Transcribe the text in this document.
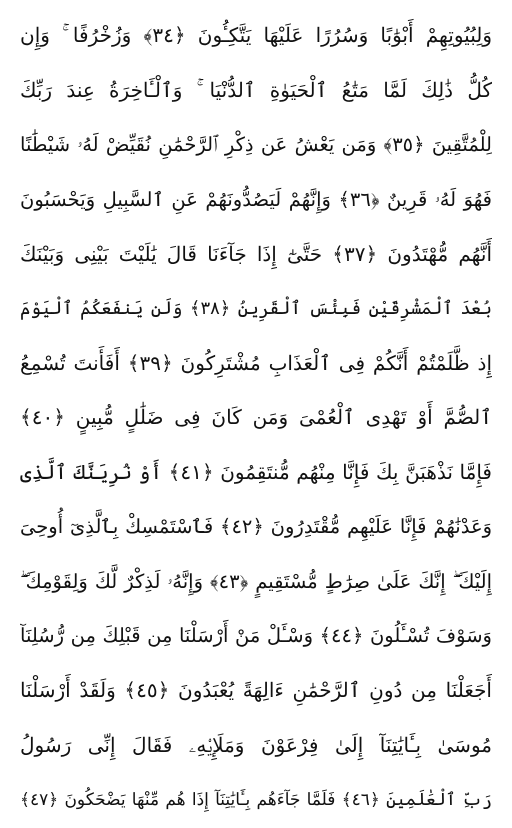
وَلِبُيُوتِهِمْ أَبْوَٰبًا وَسُرُرًا عَلَيْهَا يَتَّكِـُٔونَ ﴿٣٤﴾ وَزُخْرُفًا ۚ وَإِن
كُلُّ ذَٰلِكَ لَمَّا مَتَٰعُ ٱلْحَيَوٰةِ ٱلدُّنْيَا ۚ وَٱلْـَٔاخِرَةُ عِندَ رَبِّكَ
لِلْمُتَّقِينَ ﴿٣٥﴾ وَمَن يَعْشُ عَن ذِكْرِ ٱلرَّحْمَٰنِ نُقَيِّضْ لَهُۥ شَيْطَٰنًا
فَهُوَ لَهُۥ قَرِينٌ ﴿٣٦﴾ وَإِنَّهُمْ لَيَصُدُّونَهُمْ عَنِ ٱلسَّبِيلِ وَيَحْسَبُونَ
أَنَّهُم مُّهْتَدُونَ ﴿٣٧﴾ حَتَّىٰٓ إِذَا جَآءَنَا قَالَ يَٰلَيْتَ بَيْنِى وَبَيْنَكَ
بُعْدَ ٱلْمَشْرِقَيْنِ فَبِئْسَ ٱلْقَرِينُ ﴿٣٨﴾ وَلَن يَنفَعَكُمُ ٱلْيَوْمَ
إِذ ظَّلَمْتُمْ أَنَّكُمْ فِى ٱلْعَذَابِ مُشْتَرِكُونَ ﴿٣٩﴾ أَفَأَنتَ تُسْمِعُ
ٱلصُّمَّ أَوْ تَهْدِى ٱلْعُمْىَ وَمَن كَانَ فِى ضَلَٰلٍ مُّبِينٍ ﴿٤٠﴾
فَإِمَّا نَذْهَبَنَّ بِكَ فَإِنَّا مِنْهُم مُّنتَقِمُونَ ﴿٤١﴾ أَوْ نُرِيَنَّكَ ٱلَّذِى
وَعَدْنَٰهُمْ فَإِنَّا عَلَيْهِم مُّقْتَدِرُونَ ﴿٤٢﴾ فَٱسْتَمْسِكْ بِٱلَّذِىٓ أُوحِىَ
إِلَيْكَ ۖ إِنَّكَ عَلَىٰ صِرَٰطٍ مُّسْتَقِيمٍ ﴿٤٣﴾ وَإِنَّهُۥ لَذِكْرٌ لَّكَ وَلِقَوْمِكَ ۖ
وَسَوْفَ تُسْـَٔلُونَ ﴿٤٤﴾ وَسْـَٔلْ مَنْ أَرْسَلْنَا مِن قَبْلِكَ مِن رُّسُلِنَآ
أَجَعَلْنَا مِن دُونِ ٱلرَّحْمَٰنِ ءَالِهَةً يُعْبَدُونَ ﴿٤٥﴾ وَلَقَدْ أَرْسَلْنَا
مُوسَىٰ بِـَٔايَٰتِنَآ إِلَىٰ فِرْعَوْنَ وَمَلَإِي۟هِۦ فَقَالَ إِنِّى رَسُولُ
رَبِّ ٱلْعَٰلَمِينَ ﴿٤٦﴾ فَلَمَّا جَآءَهُم بِـَٔايَٰتِنَآ إِذَا هُم مِّنْهَا يَضْحَكُونَ ﴿٤٧﴾
